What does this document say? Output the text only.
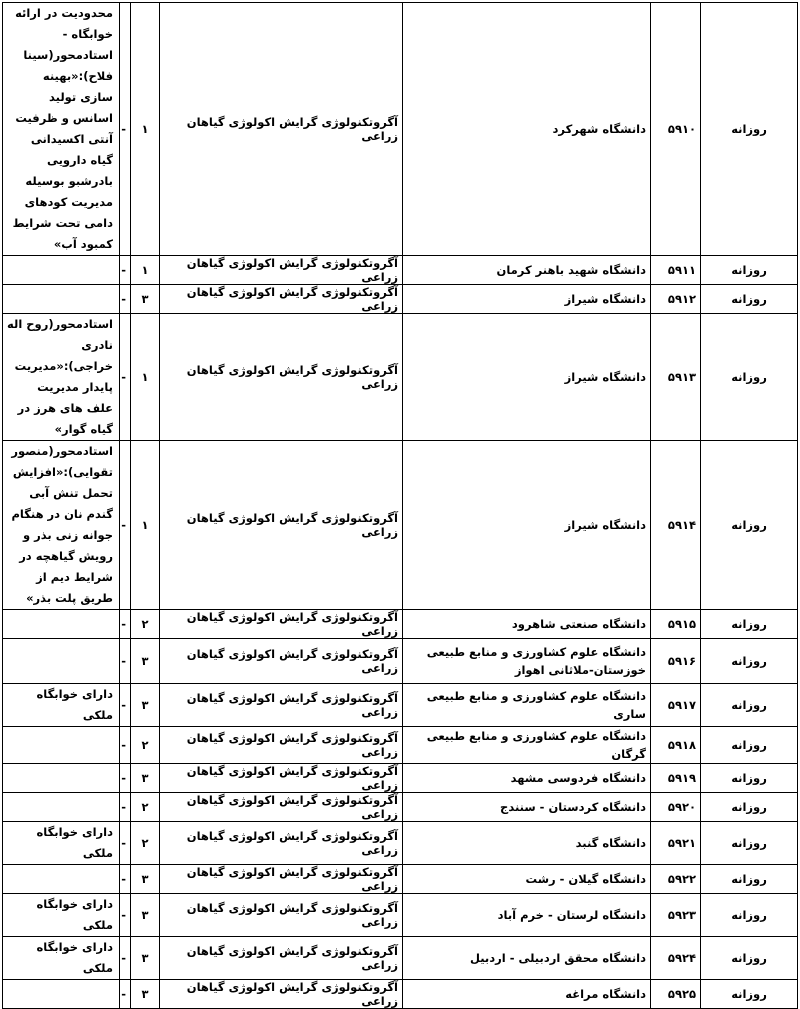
روزانه	۵۹۱۰	دانشگاه شهرکرد	آگروتکنولوژی گرایش اکولوژی گیاهان زراعی	۱	-	محدودیت در ارائه خوابگاه - استادمحور(سینا فلاح):«بهینه سازی تولید اسانس و ظرفیت آنتی اکسیدانی گیاه دارویی بادرشبو بوسیله مدیریت کودهای دامی تحت شرایط کمبود آب»
روزانه	۵۹۱۱	دانشگاه شهید باهنر کرمان	آگروتکنولوژی گرایش اکولوژی گیاهان زراعی	۱	-	
روزانه	۵۹۱۲	دانشگاه شیراز	آگروتکنولوژی گرایش اکولوژی گیاهان زراعی	۳	-	
روزانه	۵۹۱۳	دانشگاه شیراز	آگروتکنولوژی گرایش اکولوژی گیاهان زراعی	۱	-	استادمحور(روح اله نادری خراجی):«مدیریت پایدار مدیریت علف های هرز در گیاه گوار»
روزانه	۵۹۱۴	دانشگاه شیراز	آگروتکنولوژی گرایش اکولوژی گیاهان زراعی	۱	-	استادمحور(منصور تقوایی):«افزایش تحمل تنش آبی گندم نان در هنگام جوانه زنی بذر و رویش گیاهچه در شرایط دیم از طریق پلت بذر»
روزانه	۵۹۱۵	دانشگاه صنعتی شاهرود	آگروتکنولوژی گرایش اکولوژی گیاهان زراعی	۲	-	
روزانه	۵۹۱۶	دانشگاه علوم کشاورزی و منابع طبیعی خوزستان-ملاثانی اهواز	آگروتکنولوژی گرایش اکولوژی گیاهان زراعی	۳	-	
روزانه	۵۹۱۷	دانشگاه علوم کشاورزی و منابع طبیعی ساری	آگروتکنولوژی گرایش اکولوژی گیاهان زراعی	۳	-	دارای خوابگاه ملکی
روزانه	۵۹۱۸	دانشگاه علوم کشاورزی و منابع طبیعی گرگان	آگروتکنولوژی گرایش اکولوژی گیاهان زراعی	۲	-	
روزانه	۵۹۱۹	دانشگاه فردوسی مشهد	آگروتکنولوژی گرایش اکولوژی گیاهان زراعی	۳	-	
روزانه	۵۹۲۰	دانشگاه کردستان - سنندج	آگروتکنولوژی گرایش اکولوژی گیاهان زراعی	۲	-	
روزانه	۵۹۲۱	دانشگاه گنبد	آگروتکنولوژی گرایش اکولوژی گیاهان زراعی	۲	-	دارای خوابگاه ملکی
روزانه	۵۹۲۲	دانشگاه گیلان - رشت	آگروتکنولوژی گرایش اکولوژی گیاهان زراعی	۳	-	
روزانه	۵۹۲۳	دانشگاه لرستان - خرم آباد	آگروتکنولوژی گرایش اکولوژی گیاهان زراعی	۳	-	دارای خوابگاه ملکی
روزانه	۵۹۲۴	دانشگاه محقق اردبیلی - اردبیل	آگروتکنولوژی گرایش اکولوژی گیاهان زراعی	۳	-	دارای خوابگاه ملکی
روزانه	۵۹۲۵	دانشگاه مراغه	آگروتکنولوژی گرایش اکولوژی گیاهان زراعی	۳	-	
